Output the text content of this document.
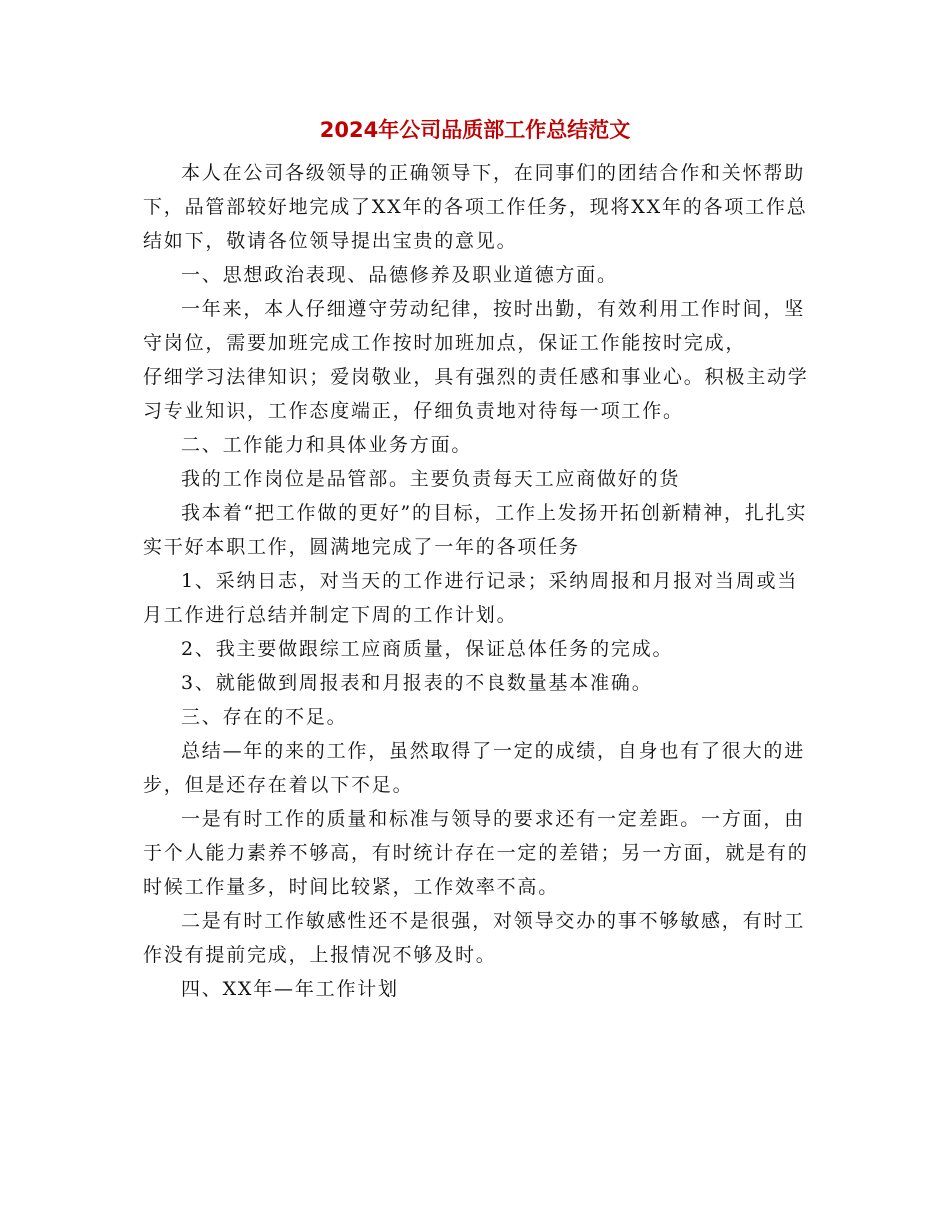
2024年公司品质部工作总结范文

本人在公司各级领导的正确领导下，在同事们的团结合作和关怀帮助下，品管部较好地完成了XX年的各项工作任务，现将XX年的各项工作总结如下，敬请各位领导提出宝贵的意见。

一、思想政治表现、品德修养及职业道德方面。

一年来，本人仔细遵守劳动纪律，按时出勤，有效利用工作时间，坚守岗位，需要加班完成工作按时加班加点，保证工作能按时完成，

仔细学习法律知识；爱岗敬业，具有强烈的责任感和事业心。积极主动学习专业知识，工作态度端正，仔细负责地对待每一项工作。

二、工作能力和具体业务方面。

我的工作岗位是品管部。主要负责每天工应商做好的货

我本着“把工作做的更好”的目标，工作上发扬开拓创新精神，扎扎实实干好本职工作，圆满地完成了一年的各项任务

1、采纳日志，对当天的工作进行记录；采纳周报和月报对当周或当月工作进行总结并制定下周的工作计划。

2、我主要做跟综工应商质量，保证总体任务的完成。

3、就能做到周报表和月报表的不良数量基本准确。

三、存在的不足。

总结—年的来的工作，虽然取得了一定的成绩，自身也有了很大的进步，但是还存在着以下不足。

一是有时工作的质量和标准与领导的要求还有一定差距。一方面，由于个人能力素养不够高，有时统计存在一定的差错；另一方面，就是有的时候工作量多，时间比较紧，工作效率不高。

二是有时工作敏感性还不是很强，对领导交办的事不够敏感，有时工作没有提前完成，上报情况不够及时。

四、XX年—年工作计划
